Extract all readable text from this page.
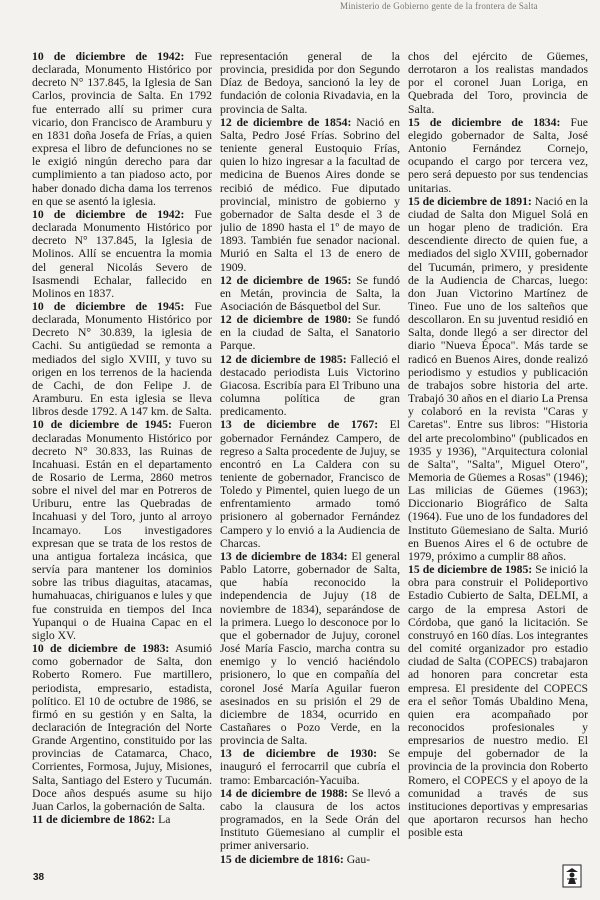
Ministerio de Gobierno gente de la frontera de Salta

10 de diciembre de 1942: Fue declarada, Monumento Histórico por decreto N° 137.845, la Iglesia de San Carlos, provincia de Salta. En 1792 fue enterrado allí su primer cura vicario, don Francisco de Aramburu y en 1831 doña Josefa de Frías, a quien expresa el libro de defunciones no se le exigió ningún derecho para dar cumplimiento a tan piadoso acto, por haber donado dicha dama los terrenos en que se asentó la iglesia.

10 de diciembre de 1942: Fue declarada Monumento Histórico por decreto N° 137.845, la Iglesia de Molinos. Allí se encuentra la momia del general Nicolás Severo de Isasmendi Echalar, fallecido en Molinos en 1837.

10 de diciembre de 1945: Fue declarada, Monumento Histórico por Decreto N° 30.839, la iglesia de Cachi. Su antigüedad se remonta a mediados del siglo XVIII, y tuvo su origen en los terrenos de la hacienda de Cachi, de don Felipe J. de Aramburu. En esta iglesia se lleva libros desde 1792. A 147 km. de Salta.

10 de diciembre de 1945: Fueron declaradas Monumento Histórico por decreto N° 30.833, las Ruinas de Incahuasi. Están en el departamento de Rosario de Lerma, 2860 metros sobre el nivel del mar en Potreros de Uriburu, entre las Quebradas de Incahuasi y del Toro, junto al arroyo Incamayo. Los investigadores expresan que se trata de los restos de una antigua fortaleza incásica, que servía para mantener los dominios sobre las tribus diaguitas, atacamas, humahuacas, chiriguanos e lules y que fue construida en tiempos del Inca Yupanqui o de Huaina Capac en el siglo XV.

10 de diciembre de 1983: Asumió como gobernador de Salta, don Roberto Romero. Fue martillero, periodista, empresario, estadista, político. El 10 de octubre de 1986, se firmó en su gestión y en Salta, la declaración de Integración del Norte Grande Argentino, constituido por las provincias de Catamarca, Chaco, Corrientes, Formosa, Jujuy, Misiones, Salta, Santiago del Estero y Tucumán. Doce años después asume su hijo Juan Carlos, la gobernación de Salta.

11 de diciembre de 1862: La

representación general de la provincia, presidida por don Segundo Díaz de Bedoya, sancionó la ley de fundación de colonia Rivadavia, en la provincia de Salta.

12 de diciembre de 1854: Nació en Salta, Pedro José Frías. Sobrino del teniente general Eustoquio Frías, quien lo hizo ingresar a la facultad de medicina de Buenos Aires donde se recibió de médico. Fue diputado provincial, ministro de gobierno y gobernador de Salta desde el 3 de julio de 1890 hasta el 1º de mayo de 1893. También fue senador nacional. Murió en Salta el 13 de enero de 1909.

12 de diciembre de 1965: Se fundó en Metán, provincia de Salta, la Asociación de Básquetbol del Sur.

12 de diciembre de 1980: Se fundó en la ciudad de Salta, el Sanatorio Parque.

12 de diciembre de 1985: Falleció el destacado periodista Luis Victorino Giacosa. Escribía para El Tribuno una columna política de gran predicamento.

13 de diciembre de 1767: El gobernador Fernández Campero, de regreso a Salta procedente de Jujuy, se encontró en La Caldera con su teniente de gobernador, Francisco de Toledo y Pimentel, quien luego de un enfrentamiento armado tomó prisionero al gobernador Fernández Campero y lo envió a la Audiencia de Charcas.

13 de diciembre de 1834: El general Pablo Latorre, gobernador de Salta, que había reconocido la independencia de Jujuy (18 de noviembre de 1834), separándose de la primera. Luego lo desconoce por lo que el gobernador de Jujuy, coronel José María Fascio, marcha contra su enemigo y lo venció haciéndolo prisionero, lo que en compañía del coronel José María Aguilar fueron asesinados en su prisión el 29 de diciembre de 1834, ocurrido en Castañares o Pozo Verde, en la provincia de Salta.

13 de diciembre de 1930: Se inauguró el ferrocarril que cubría el tramo: Embarcación-Yacuiba.

14 de diciembre de 1988: Se llevó a cabo la clausura de los actos programados, en la Sede Orán del Instituto Güemesiano al cumplir el primer aniversario.

15 de diciembre de 1816: Gau-

chos del ejército de Güemes, derrotaron a los realistas mandados por el coronel Juan Loriga, en Quebrada del Toro, provincia de Salta.

15 de diciembre de 1834: Fue elegido gobernador de Salta, José Antonio Fernández Cornejo, ocupando el cargo por tercera vez, pero será depuesto por sus tendencias unitarias.

15 de diciembre de 1891: Nació en la ciudad de Salta don Miguel Solá en un hogar pleno de tradición. Era descendiente directo de quien fue, a mediados del siglo XVIII, gobernador del Tucumán, primero, y presidente de la Audiencia de Charcas, luego: don Juan Victorino Martínez de Tineo. Fue uno de los salteños que descollaron. En su juventud residió en Salta, donde llegó a ser director del diario "Nueva Época". Más tarde se radicó en Buenos Aires, donde realizó periodismo y estudios y publicación de trabajos sobre historia del arte. Trabajó 30 años en el diario La Prensa y colaboró en la revista "Caras y Caretas". Entre sus libros: "Historia del arte precolombino" (publicados en 1935 y 1936), "Arquitectura colonial de Salta", "Salta", Miguel Otero", Memoria de Güemes a Rosas" (1946); Las milicias de Güemes (1963); Diccionario Biográfico de Salta (1964). Fue uno de los fundadores del Instituto Güemesiano de Salta. Murió en Buenos Aires el 6 de octubre de 1979, próximo a cumplir 88 años.

15 de diciembre de 1985: Se inició la obra para construir el Polideportivo Estadio Cubierto de Salta, DELMI, a cargo de la empresa Astori de Córdoba, que ganó la licitación. Se construyó en 160 días. Los integrantes del comité organizador pro estadio ciudad de Salta (COPECS) trabajaron ad honoren para concretar esta empresa. El presidente del COPECS era el señor Tomás Ubaldino Mena, quien era acompañado por reconocidos profesionales y empresarios de nuestro medio. El empuje del gobernador de la provincia de la provincia don Roberto Romero, el COPECS y el apoyo de la comunidad a través de sus instituciones deportivas y empresarias que aportaron recursos han hecho posible esta

38
